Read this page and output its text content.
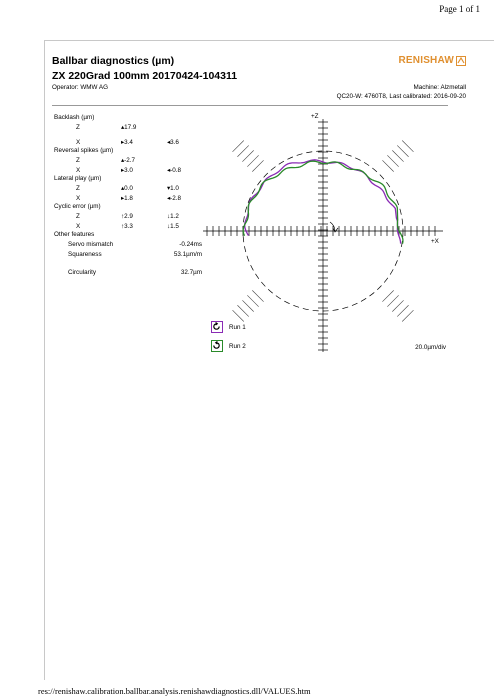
Page 1 of 1
Ballbar diagnostics (µm)
ZX 220Grad 100mm 20170424-104311
Operator: WMW AG
RENISHAW
Machine: Alzmetall
QC20-W: 4760T8, Last calibrated: 2016-09-20
Backlash (µm)
Z	▴17.9
X	▸3.4	◂3.6
Reversal spikes (µm)
Z	▴-2.7
X	▸3.0	◂-0.8
Lateral play (µm)
Z	▴0.0	▾1.0
X	▸1.8	◂-2.8
Cyclic error (µm)
Z	↑2.9	↓1.2
X	↑3.3	↓1.5
Other features
Servo mismatch	-0.24ms
Squareness	53.1µm/m
Circularity	32.7µm
+Z
+X
Run 1
Run 2	20.0µm/div
res://renishaw.calibration.ballbar.analysis.renishawdiagnostics.dll/VALUES.htm
